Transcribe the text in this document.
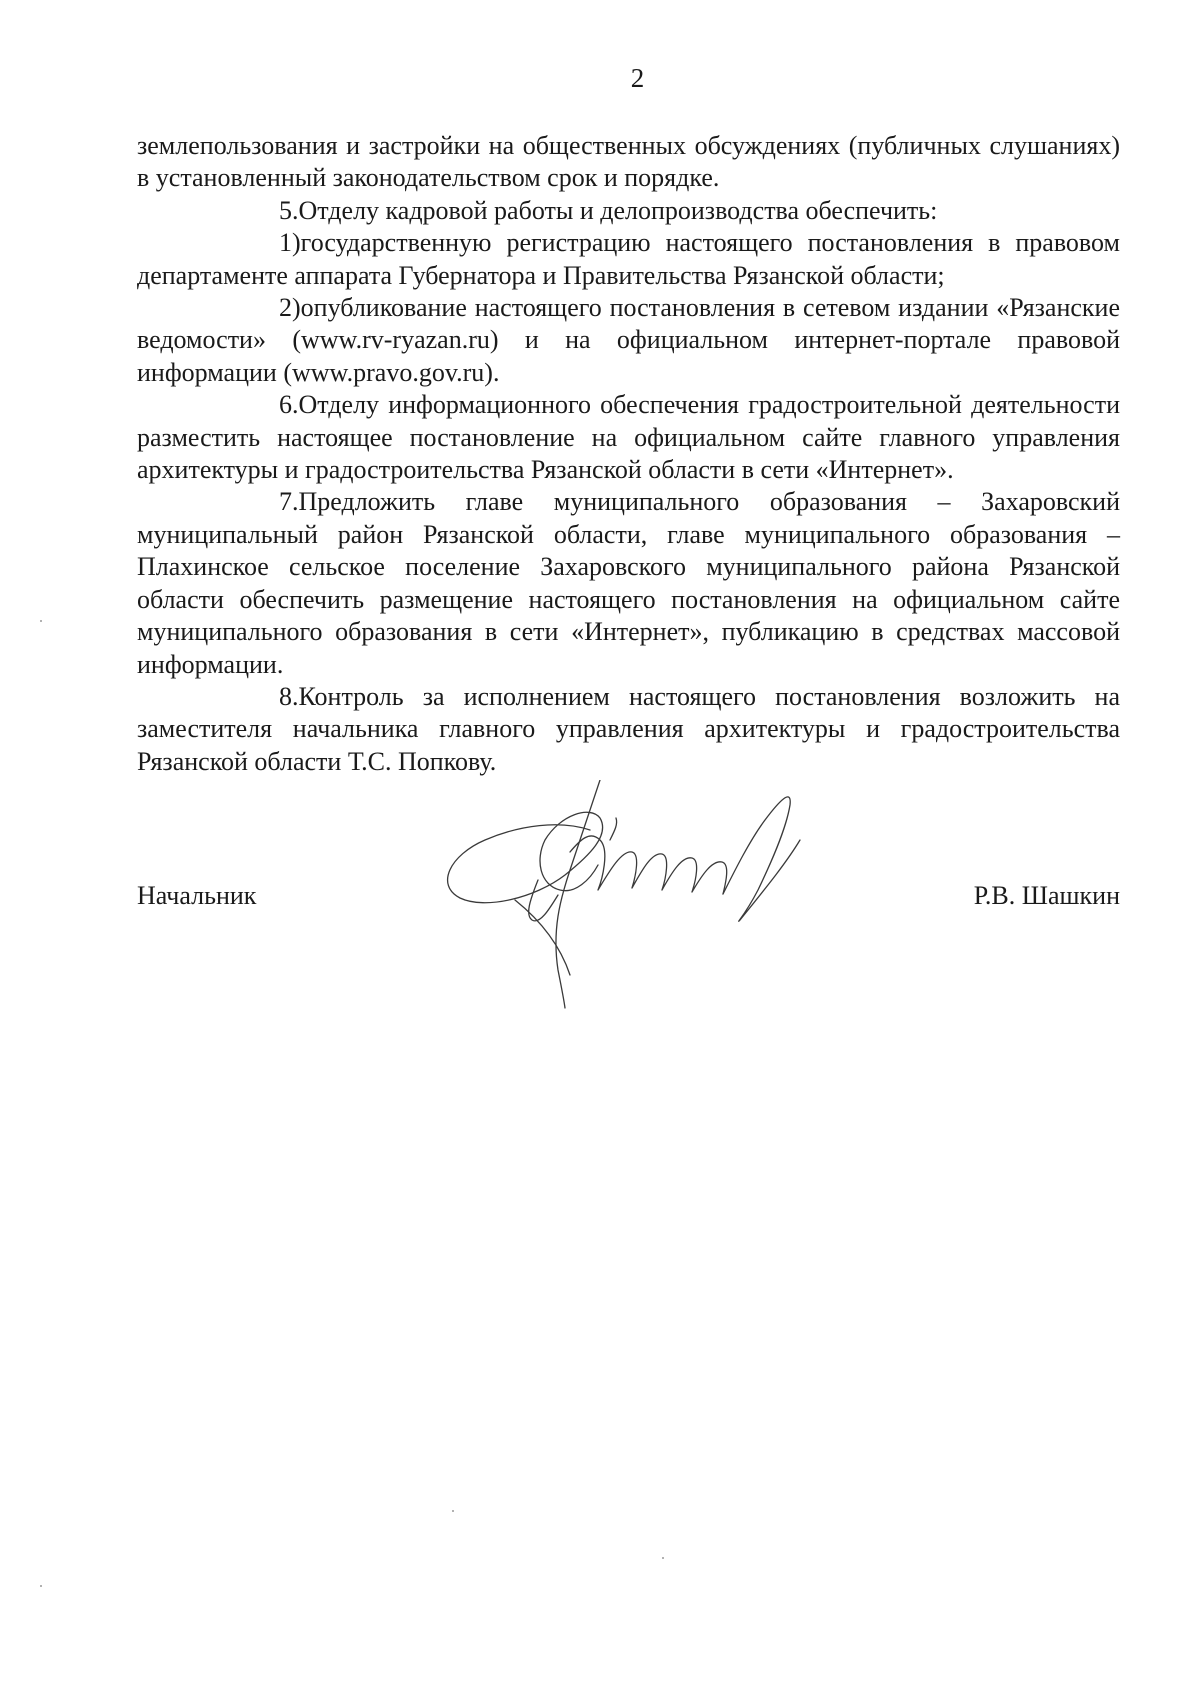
2

землепользования и застройки на общественных обсуждениях (публичных слушаниях) в установленный законодательством срок и порядке.

5.Отделу кадровой работы и делопроизводства обеспечить:

1)государственную регистрацию настоящего постановления в правовом департаменте аппарата Губернатора и Правительства Рязанской области;

2)опубликование настоящего постановления в сетевом издании «Рязанские ведомости» (www.rv-ryazan.ru) и на официальном интернет-портале правовой информации (www.pravo.gov.ru).

6.Отделу информационного обеспечения градостроительной деятельности разместить настоящее постановление на официальном сайте главного управления архитектуры и градостроительства Рязанской области в сети «Интернет».

7.Предложить главе муниципального образования – Захаровский муниципальный район Рязанской области, главе муниципального образования – Плахинское сельское поселение Захаровского муниципального района Рязанской области обеспечить размещение настоящего постановления на официальном сайте муниципального образования в сети «Интернет», публикацию в средствах массовой информации.

8.Контроль за исполнением настоящего постановления возложить на заместителя начальника главного управления архитектуры и градостроительства Рязанской области Т.С. Попкову.

Начальник	Р.В. Шашкин
